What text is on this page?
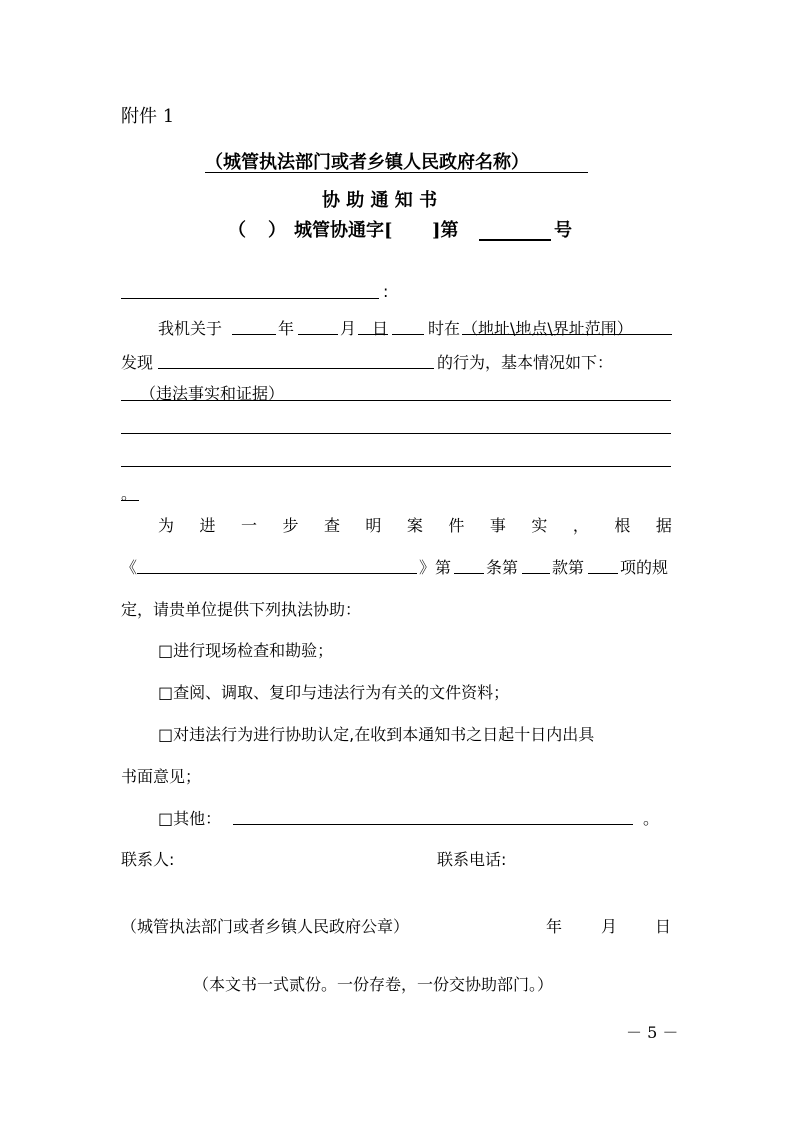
附件 1
（城管执法部门或者乡镇人民政府名称）
协 助 通 知 书
（ ） 城管协通字[ ]第	号
:
我机关于	年	月 日 时在 （地址\地点\界址范围）
发现	的行为，基本情况如下：
（违法事实和证据）
。
为 进 一 步 查 明 案 件 事 实 ， 根 据
《	》第 条第 款第 项的规
定，请贵单位提供下列执法协助：
□进行现场检查和勘验；
□查阅、调取、复印与违法行为有关的文件资料；
□对违法行为进行协助认定,在收到本通知书之日起十日内出具
书面意见；
□其他：	。
联系人:	联系电话:
（城管执法部门或者乡镇人民政府公章）	年 月 日
（本文书一式贰份。一份存卷，一份交协助部门。）
－ 5 －
